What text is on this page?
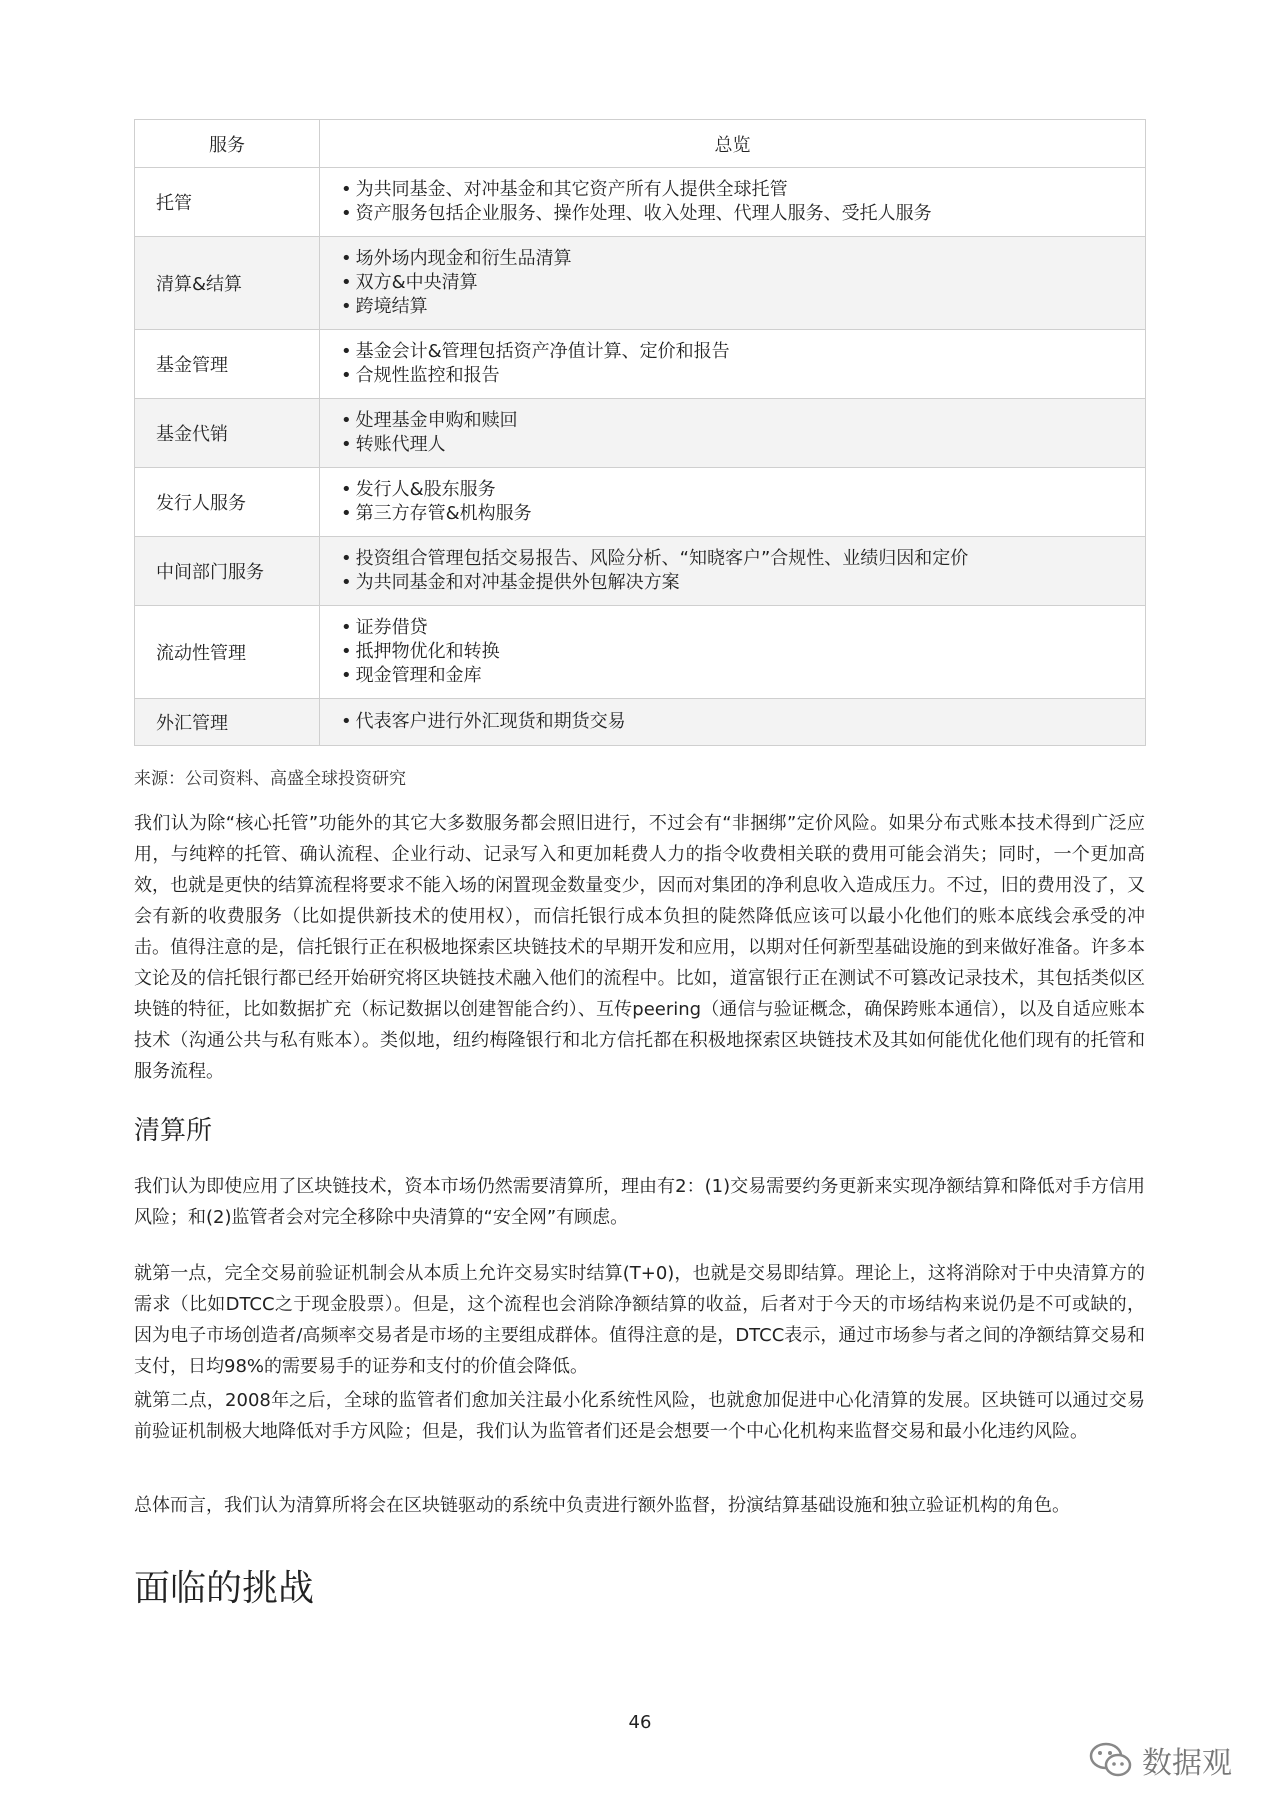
服务	总览
托管	• 为共同基金、对冲基金和其它资产所有人提供全球托管
• 资产服务包括企业服务、操作处理、收入处理、代理人服务、受托人服务

清算&结算	• 场外场内现金和衍生品清算
• 双方&中央清算
• 跨境结算

基金管理	• 基金会计&管理包括资产净值计算、定价和报告
• 合规性监控和报告

基金代销	• 处理基金申购和赎回
• 转账代理人

发行人服务	• 发行人&股东服务
• 第三方存管&机构服务

中间部门服务	• 投资组合管理包括交易报告、风险分析、“知晓客户”合规性、业绩归因和定价
• 为共同基金和对冲基金提供外包解决方案

流动性管理	• 证券借贷
• 抵押物优化和转换
• 现金管理和金库

外汇管理	• 代表客户进行外汇现货和期货交易
来源：公司资料、高盛全球投资研究

我们认为除“核心托管”功能外的其它大多数服务都会照旧进行，不过会有“非捆绑”定价风险。如果分布式账本技术得到广泛应用，与纯粹的托管、确认流程、企业行动、记录写入和更加耗费人力的指令收费相关联的费用可能会消失；同时，一个更加高效，也就是更快的结算流程将要求不能入场的闲置现金数量变少，因而对集团的净利息收入造成压力。不过，旧的费用没了，又会有新的收费服务（比如提供新技术的使用权），而信托银行成本负担的陡然降低应该可以最小化他们的账本底线会承受的冲击。值得注意的是，信托银行正在积极地探索区块链技术的早期开发和应用，以期对任何新型基础设施的到来做好准备。许多本文论及的信托银行都已经开始研究将区块链技术融入他们的流程中。比如，道富银行正在测试不可篡改记录技术，其包括类似区块链的特征，比如数据扩充（标记数据以创建智能合约）、互传peering（通信与验证概念，确保跨账本通信），以及自适应账本技术（沟通公共与私有账本）。类似地，纽约梅隆银行和北方信托都在积极地探索区块链技术及其如何能优化他们现有的托管和服务流程。

清算所

我们认为即使应用了区块链技术，资本市场仍然需要清算所，理由有2：(1)交易需要约务更新来实现净额结算和降低对手方信用风险；和(2)监管者会对完全移除中央清算的“安全网”有顾虑。

就第一点，完全交易前验证机制会从本质上允许交易实时结算(T+0)，也就是交易即结算。理论上，这将消除对于中央清算方的需求（比如DTCC之于现金股票）。但是，这个流程也会消除净额结算的收益，后者对于今天的市场结构来说仍是不可或缺的，因为电子市场创造者/高频率交易者是市场的主要组成群体。值得注意的是，DTCC表示，通过市场参与者之间的净额结算交易和支付，日均98%的需要易手的证券和支付的价值会降低。

就第二点，2008年之后，全球的监管者们愈加关注最小化系统性风险，也就愈加促进中心化清算的发展。区块链可以通过交易前验证机制极大地降低对手方风险；但是，我们认为监管者们还是会想要一个中心化机构来监督交易和最小化违约风险。

总体而言，我们认为清算所将会在区块链驱动的系统中负责进行额外监督，扮演结算基础设施和独立验证机构的角色。

面临的挑战
46
数据观
